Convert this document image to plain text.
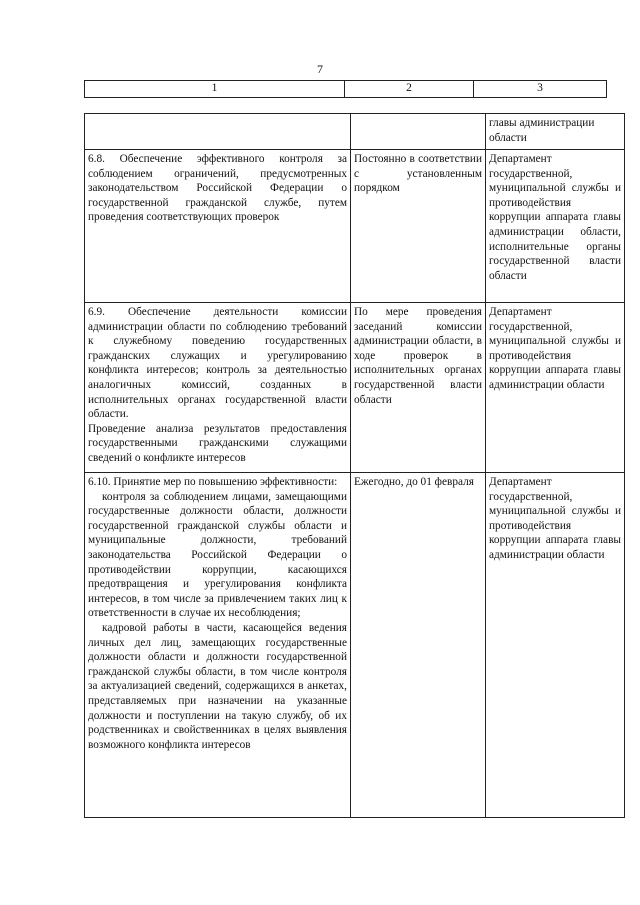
7
1	2	3
		главы администрации области

6.8. Обеспечение эффективного контроля за соблюдением ограничений, предусмотренных законодательством Российской Федерации о государственной гражданской службе, путем проведения соответствующих проверок	Постоянно в соответствии с установленным порядком	Департамент государственной, муниципальной службы и противодействия коррупции аппарата главы администрации области, исполнительные органы государственной власти области

6.9. Обеспечение деятельности комиссии администрации области по соблюдению требований к служебному поведению государственных гражданских служащих и урегулированию конфликта интересов; контроль за деятельностью аналогичных комиссий, созданных в исполнительных органах государственной власти области.

Проведение анализа результатов предоставления государственными гражданскими служащими сведений о конфликте интересов	По мере проведения заседаний комиссии администрации области, в ходе проверок в исполнительных органах государственной власти области	Департамент государственной, муниципальной службы и противодействия коррупции аппарата главы администрации области

6.10. Принятие мер по повышению эффективности:

контроля за соблюдением лицами, замещающими государственные должности области, должности государственной гражданской службы области и муниципальные должности, требований законодательства Российской Федерации о противодействии коррупции, касающихся предотвращения и урегулирования конфликта интересов, в том числе за привлечением таких лиц к ответственности в случае их несоблюдения;

кадровой работы в части, касающейся ведения личных дел лиц, замещающих государственные должности области и должности государственной гражданской службы области, в том числе контроля за актуализацией сведений, содержащихся в анкетах, представляемых при назначении на указанные должности и поступлении на такую службу, об их родственниках и свойственниках в целях выявления возможного конфликта интересов	Ежегодно, до 01 февраля	Департамент государственной, муниципальной службы и противодействия коррупции аппарата главы администрации области
